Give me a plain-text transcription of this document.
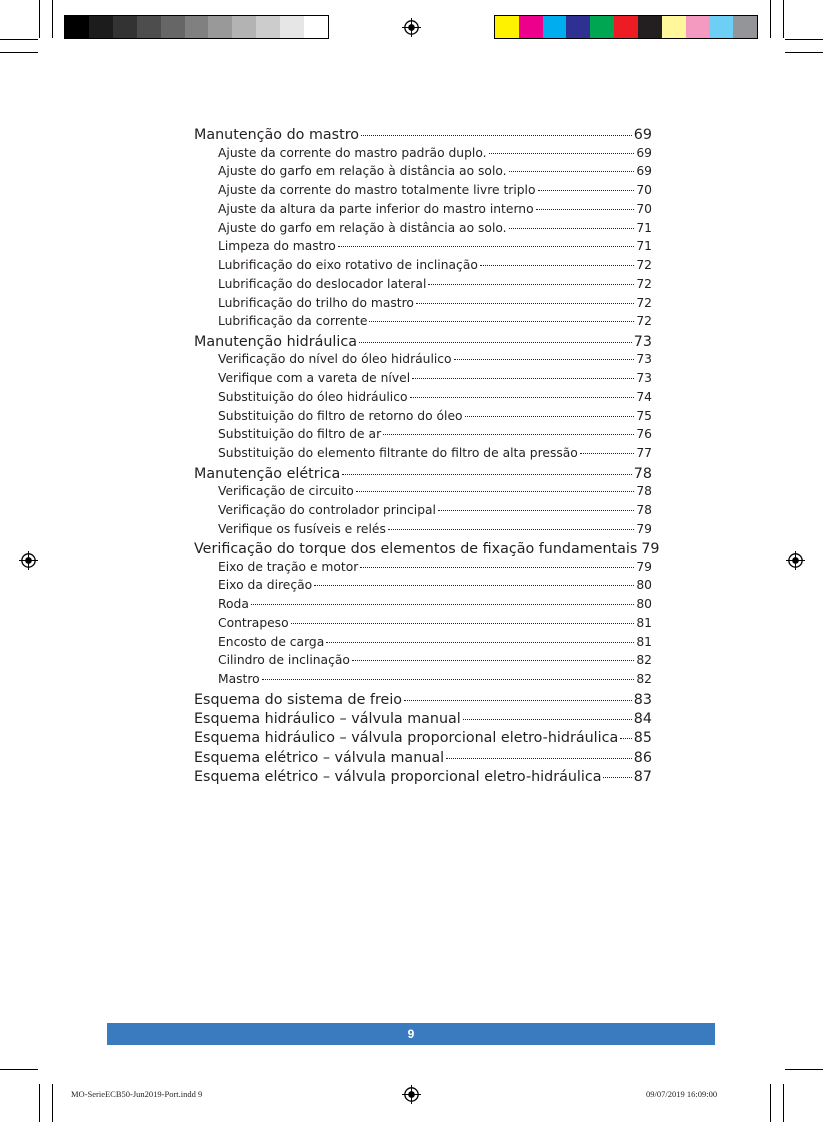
Manutenção do mastro	69
Ajuste da corrente do mastro padrão duplo.	69
Ajuste do garfo em relação à distância ao solo.	69
Ajuste da corrente do mastro totalmente livre triplo	70
Ajuste da altura da parte inferior do mastro interno	70
Ajuste do garfo em relação à distância ao solo.	71
Limpeza do mastro	71
Lubrificação do eixo rotativo de inclinação	72
Lubrificação do deslocador lateral	72
Lubrificação do trilho do mastro	72
Lubrificação da corrente	72
Manutenção hidráulica	73
Verificação do nível do óleo hidráulico	73
Verifique com a vareta de nível	73
Substituição do óleo hidráulico	74
Substituição do filtro de retorno do óleo	75
Substituição do filtro de ar	76
Substituição do elemento filtrante do filtro de alta pressão	77
Manutenção elétrica	78
Verificação de circuito	78
Verificação do controlador principal	78
Verifique os fusíveis e relés	79
Verificação do torque dos elementos de fixação fundamentais 79
Eixo de tração e motor	79
Eixo da direção	80
Roda	80
Contrapeso	81
Encosto de carga	81
Cilindro de inclinação	82
Mastro	82
Esquema do sistema de freio	83
Esquema hidráulico – válvula manual	84
Esquema hidráulico – válvula proporcional eletro-hidráulica 85
Esquema elétrico – válvula manual	86
Esquema elétrico – válvula proporcional eletro-hidráulica 87
9
MO-SerieECB50-Jun2019-Port.indd 9	09/07/2019 16:09:00
